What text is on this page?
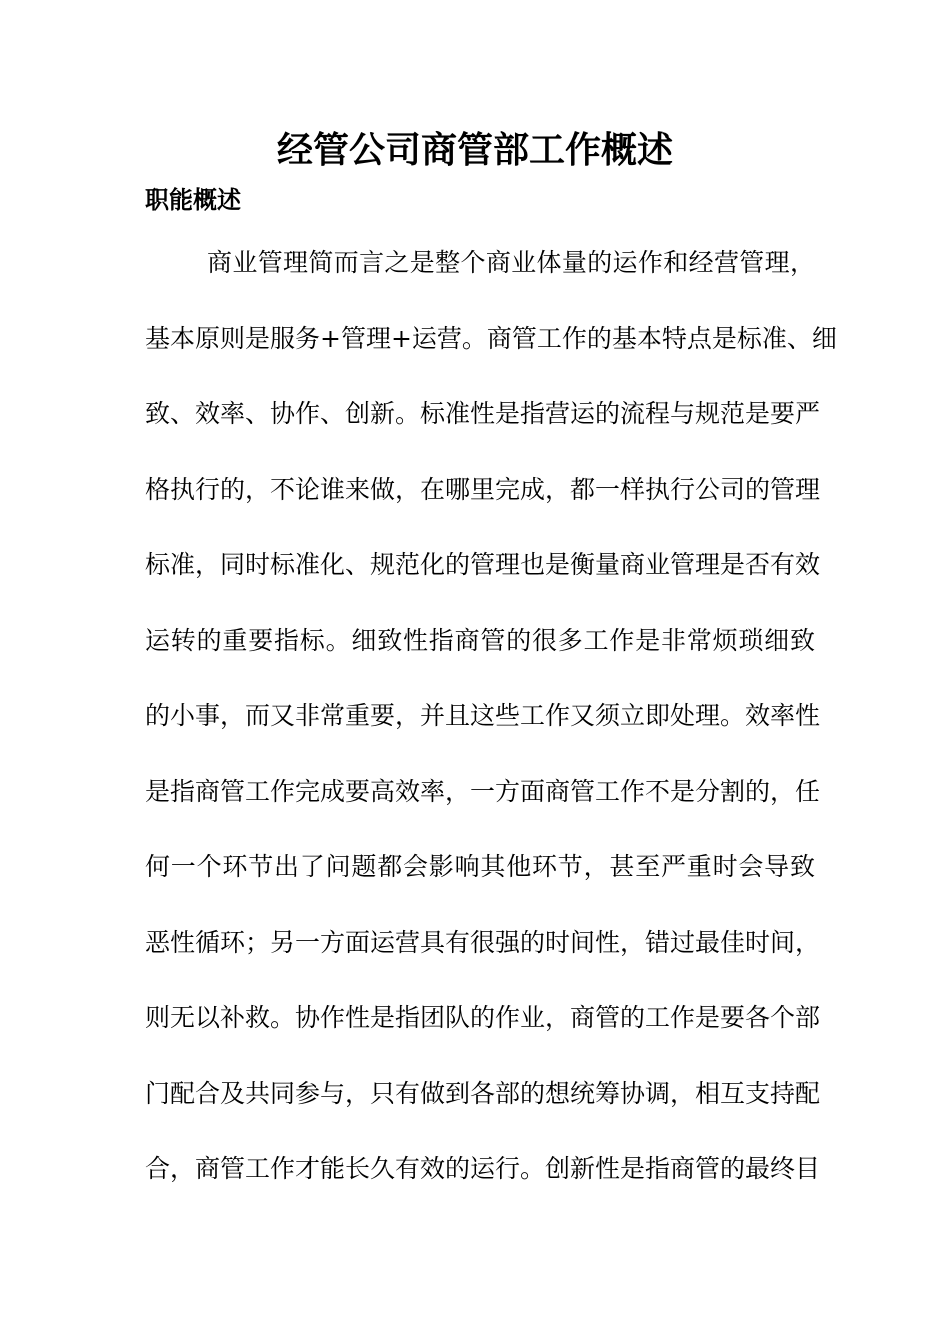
经管公司商管部工作概述
职能概述
商业管理简而言之是整个商业体量的运作和经营管理，
基本原则是服务+管理+运营。商管工作的基本特点是标准、细
致、效率、协作、创新。标准性是指营运的流程与规范是要严
格执行的，不论谁来做，在哪里完成，都一样执行公司的管理
标准，同时标准化、规范化的管理也是衡量商业管理是否有效
运转的重要指标。细致性指商管的很多工作是非常烦琐细致
的小事，而又非常重要，并且这些工作又须立即处理。效率性
是指商管工作完成要高效率，一方面商管工作不是分割的，任
何一个环节出了问题都会影响其他环节，甚至严重时会导致
恶性循环；另一方面运营具有很强的时间性，错过最佳时间，
则无以补救。协作性是指团队的作业，商管的工作是要各个部
门配合及共同参与，只有做到各部的想统筹协调，相互支持配
合，商管工作才能长久有效的运行。创新性是指商管的最终目
